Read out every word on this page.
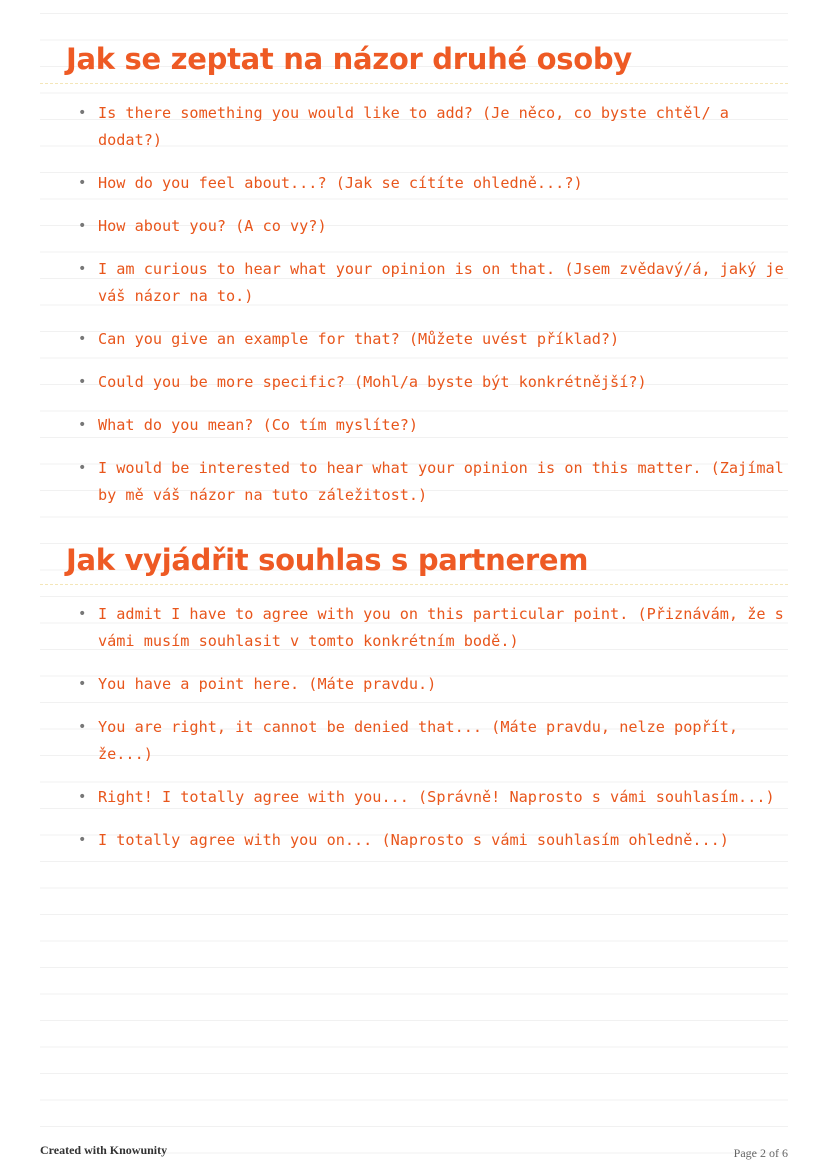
Jak se zeptat na názor druhé osoby
• Is there something you would like to add? (Je něco, co byste chtěl/ a dodat?)
• How do you feel about...? (Jak se cítíte ohledně...?)
• How about you? (A co vy?)
• I am curious to hear what your opinion is on that. (Jsem zvědavý/á, jaký je váš názor na to.)
• Can you give an example for that? (Můžete uvést příklad?)
• Could you be more specific? (Mohl/a byste být konkrétnější?)
• What do you mean? (Co tím myslíte?)
• I would be interested to hear what your opinion is on this matter. (Zajímal by mě váš názor na tuto záležitost.)
Jak vyjádřit souhlas s partnerem
• I admit I have to agree with you on this particular point. (Přiznávám, že s vámi musím souhlasit v tomto konkrétním bodě.)
• You have a point here. (Máte pravdu.)
• You are right, it cannot be denied that... (Máte pravdu, nelze popřít, že...)
• Right! I totally agree with you... (Správně! Naprosto s vámi souhlasím...)
• I totally agree with you on... (Naprosto s vámi souhlasím ohledně...)
Created with Knowunity	Page 2 of 6
